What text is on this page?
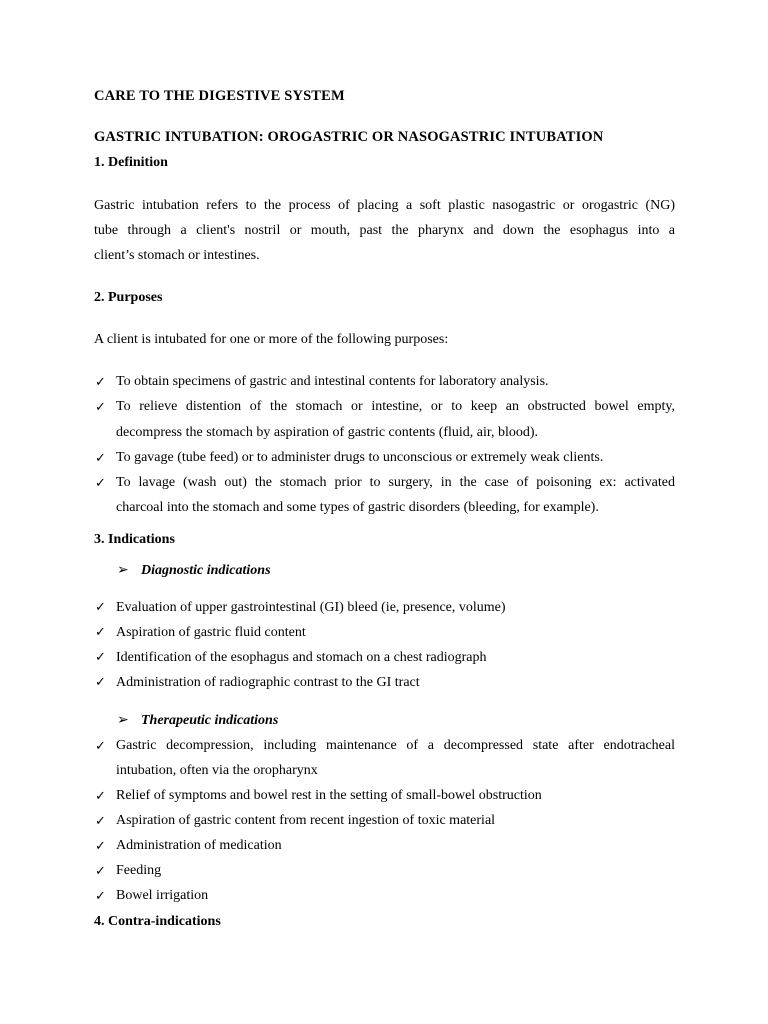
CARE TO THE DIGESTIVE SYSTEM
GASTRIC INTUBATION: OROGASTRIC OR NASOGASTRIC INTUBATION
1. Definition
Gastric intubation refers to the process of placing a soft plastic nasogastric or orogastric (NG)
tube through a client's nostril or mouth, past the pharynx and down the esophagus into a
client’s stomach or intestines.
2. Purposes
A client is intubated for one or more of the following purposes:
✓ To obtain specimens of gastric and intestinal contents for laboratory analysis.
✓ To relieve distention of the stomach or intestine, or to keep an obstructed bowel empty,
decompress the stomach by aspiration of gastric contents (fluid, air, blood).
✓ To gavage (tube feed) or to administer drugs to unconscious or extremely weak clients.
✓ To lavage (wash out) the stomach prior to surgery, in the case of poisoning ex: activated
charcoal into the stomach and some types of gastric disorders (bleeding, for example).
3. Indications
➢ Diagnostic indications
✓ Evaluation of upper gastrointestinal (GI) bleed (ie, presence, volume)
✓ Aspiration of gastric fluid content
✓ Identification of the esophagus and stomach on a chest radiograph
✓ Administration of radiographic contrast to the GI tract
➢ Therapeutic indications
✓ Gastric decompression, including maintenance of a decompressed state after endotracheal
intubation, often via the oropharynx
✓ Relief of symptoms and bowel rest in the setting of small-bowel obstruction
✓ Aspiration of gastric content from recent ingestion of toxic material
✓ Administration of medication
✓ Feeding
✓ Bowel irrigation
4. Contra-indications
